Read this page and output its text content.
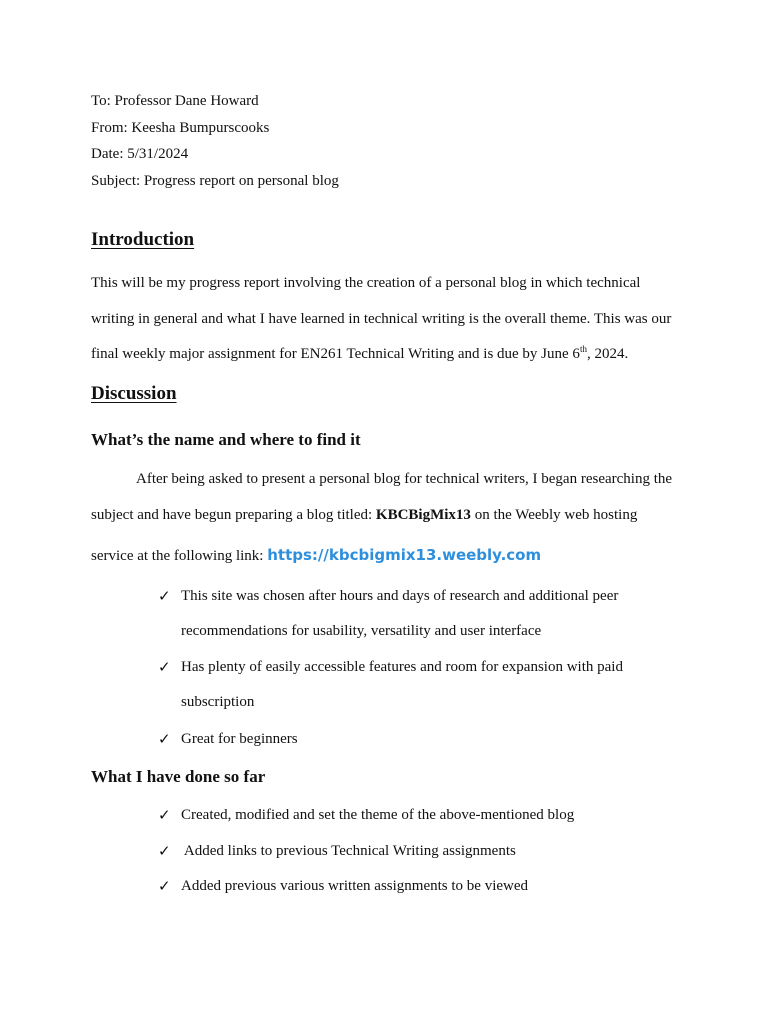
To: Professor Dane Howard
From: Keesha Bumpurscooks
Date: 5/31/2024
Subject: Progress report on personal blog
Introduction
This will be my progress report involving the creation of a personal blog in which technical
writing in general and what I have learned in technical writing is the overall theme. This was our
final weekly major assignment for EN261 Technical Writing and is due by June 6th, 2024.
Discussion
What’s the name and where to find it
After being asked to present a personal blog for technical writers, I began researching the
subject and have begun preparing a blog titled: KBCBigMix13 on the Weebly web hosting
service at the following link: https://kbcbigmix13.weebly.com
✓ This site was chosen after hours and days of research and additional peer
recommendations for usability, versatility and user interface
✓ Has plenty of easily accessible features and room for expansion with paid
subscription
✓ Great for beginners
What I have done so far
✓ Created, modified and set the theme of the above-mentioned blog
✓ Added links to previous Technical Writing assignments
✓ Added previous various written assignments to be viewed
